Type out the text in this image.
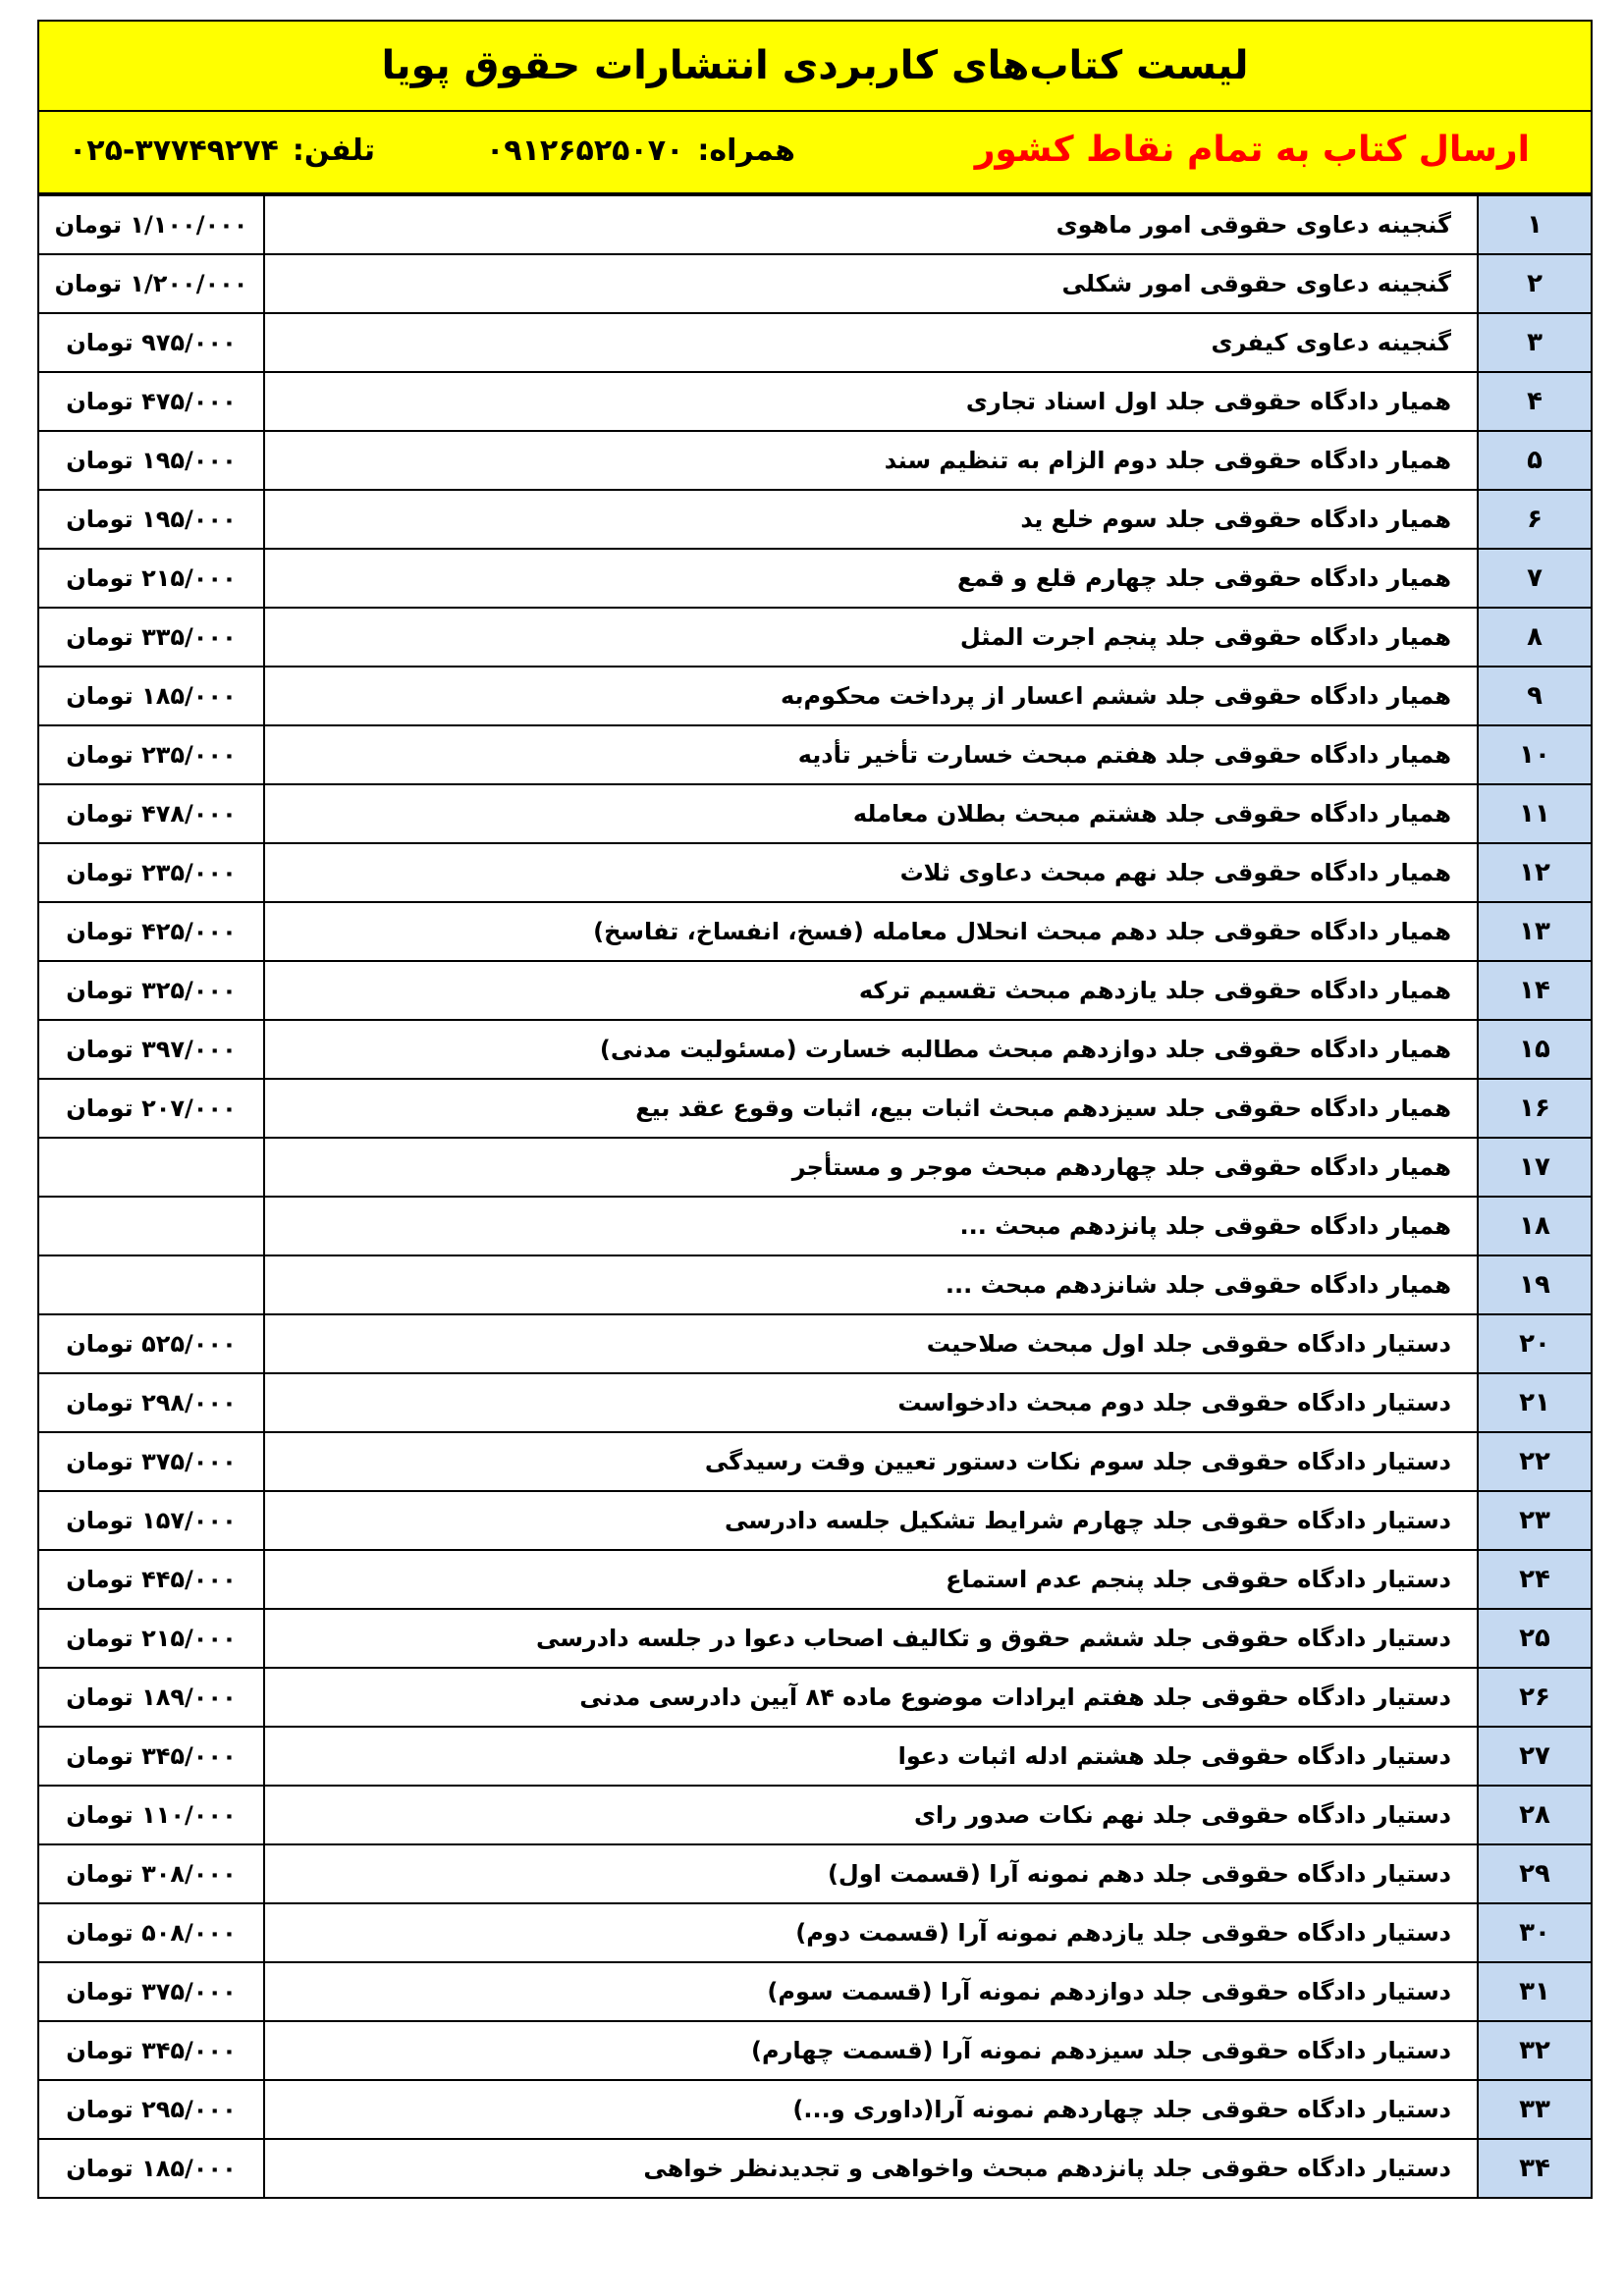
لیست کتاب‌های کاربردی انتشارات حقوق پویا
ارسال کتاب به تمام نقاط کشور
همراه:۰۹۱۲۶۵۲۵۰۷۰
تلفن:۰۲۵-۳۷۷۴۹۲۷۴
۱/۱۰۰/۰۰۰ تومان	گنجینه دعاوی حقوقی امور ماهوی	۱
۱/۲۰۰/۰۰۰ تومان	گنجینه دعاوی حقوقی امور شکلی	۲
۹۷۵/۰۰۰ تومان	گنجینه دعاوی کیفری	۳
۴۷۵/۰۰۰ تومان	همیار دادگاه حقوقی جلد اول اسناد تجاری	۴
۱۹۵/۰۰۰ تومان	همیار دادگاه حقوقی جلد دوم الزام به تنظیم سند	۵
۱۹۵/۰۰۰ تومان	همیار دادگاه حقوقی جلد سوم خلع ید	۶
۲۱۵/۰۰۰ تومان	همیار دادگاه حقوقی جلد چهارم قلع و قمع	۷
۳۳۵/۰۰۰ تومان	همیار دادگاه حقوقی جلد پنجم اجرت المثل	۸
۱۸۵/۰۰۰ تومان	همیار دادگاه حقوقی جلد ششم اعسار از پرداخت محکوم‌به	۹
۲۳۵/۰۰۰ تومان	همیار دادگاه حقوقی جلد هفتم مبحث خسارت تأخیر تأدیه	۱۰
۴۷۸/۰۰۰ تومان	همیار دادگاه حقوقی جلد هشتم مبحث بطلان معامله	۱۱
۲۳۵/۰۰۰ تومان	همیار دادگاه حقوقی جلد نهم مبحث دعاوی ثلاث	۱۲
۴۲۵/۰۰۰ تومان	همیار دادگاه حقوقی جلد دهم مبحث انحلال معامله (فسخ، انفساخ، تفاسخ)	۱۳
۳۲۵/۰۰۰ تومان	همیار دادگاه حقوقی جلد یازدهم مبحث تقسیم ترکه	۱۴
۳۹۷/۰۰۰ تومان	همیار دادگاه حقوقی جلد دوازدهم مبحث مطالبه خسارت (مسئولیت مدنی)	۱۵
۲۰۷/۰۰۰ تومان	همیار دادگاه حقوقی جلد سیزدهم مبحث اثبات بیع، اثبات وقوع عقد بیع	۱۶
	همیار دادگاه حقوقی جلد چهاردهم مبحث موجر و مستأجر	۱۷
	همیار دادگاه حقوقی جلد پانزدهم مبحث ...	۱۸
	همیار دادگاه حقوقی جلد شانزدهم مبحث ...	۱۹
۵۲۵/۰۰۰ تومان	دستیار دادگاه حقوقی جلد اول مبحث صلاحیت	۲۰
۲۹۸/۰۰۰ تومان	دستیار دادگاه حقوقی جلد دوم مبحث دادخواست	۲۱
۳۷۵/۰۰۰ تومان	دستیار دادگاه حقوقی جلد سوم نکات دستور تعیین وقت رسیدگی	۲۲
۱۵۷/۰۰۰ تومان	دستیار دادگاه حقوقی جلد چهارم شرایط تشکیل جلسه دادرسی	۲۳
۴۴۵/۰۰۰ تومان	دستیار دادگاه حقوقی جلد پنجم عدم استماع	۲۴
۲۱۵/۰۰۰ تومان	دستیار دادگاه حقوقی جلد ششم حقوق و تکالیف اصحاب دعوا در جلسه دادرسی	۲۵
۱۸۹/۰۰۰ تومان	دستیار دادگاه حقوقی جلد هفتم ایرادات موضوع ماده ۸۴ آیین دادرسی مدنی	۲۶
۳۴۵/۰۰۰ تومان	دستیار دادگاه حقوقی جلد هشتم ادله اثبات دعوا	۲۷
۱۱۰/۰۰۰ تومان	دستیار دادگاه حقوقی جلد نهم نکات صدور رای	۲۸
۳۰۸/۰۰۰ تومان	دستیار دادگاه حقوقی جلد دهم نمونه آرا (قسمت اول)	۲۹
۵۰۸/۰۰۰ تومان	دستیار دادگاه حقوقی جلد یازدهم نمونه آرا (قسمت دوم)	۳۰
۳۷۵/۰۰۰ تومان	دستیار دادگاه حقوقی جلد دوازدهم نمونه آرا (قسمت سوم)	۳۱
۳۴۵/۰۰۰ تومان	دستیار دادگاه حقوقی جلد سیزدهم نمونه آرا (قسمت چهارم)	۳۲
۲۹۵/۰۰۰ تومان	دستیار دادگاه حقوقی جلد چهاردهم نمونه آرا(داوری و...)	۳۳
۱۸۵/۰۰۰ تومان	دستیار دادگاه حقوقی جلد پانزدهم مبحث واخواهی و تجدیدنظر خواهی	۳۴
